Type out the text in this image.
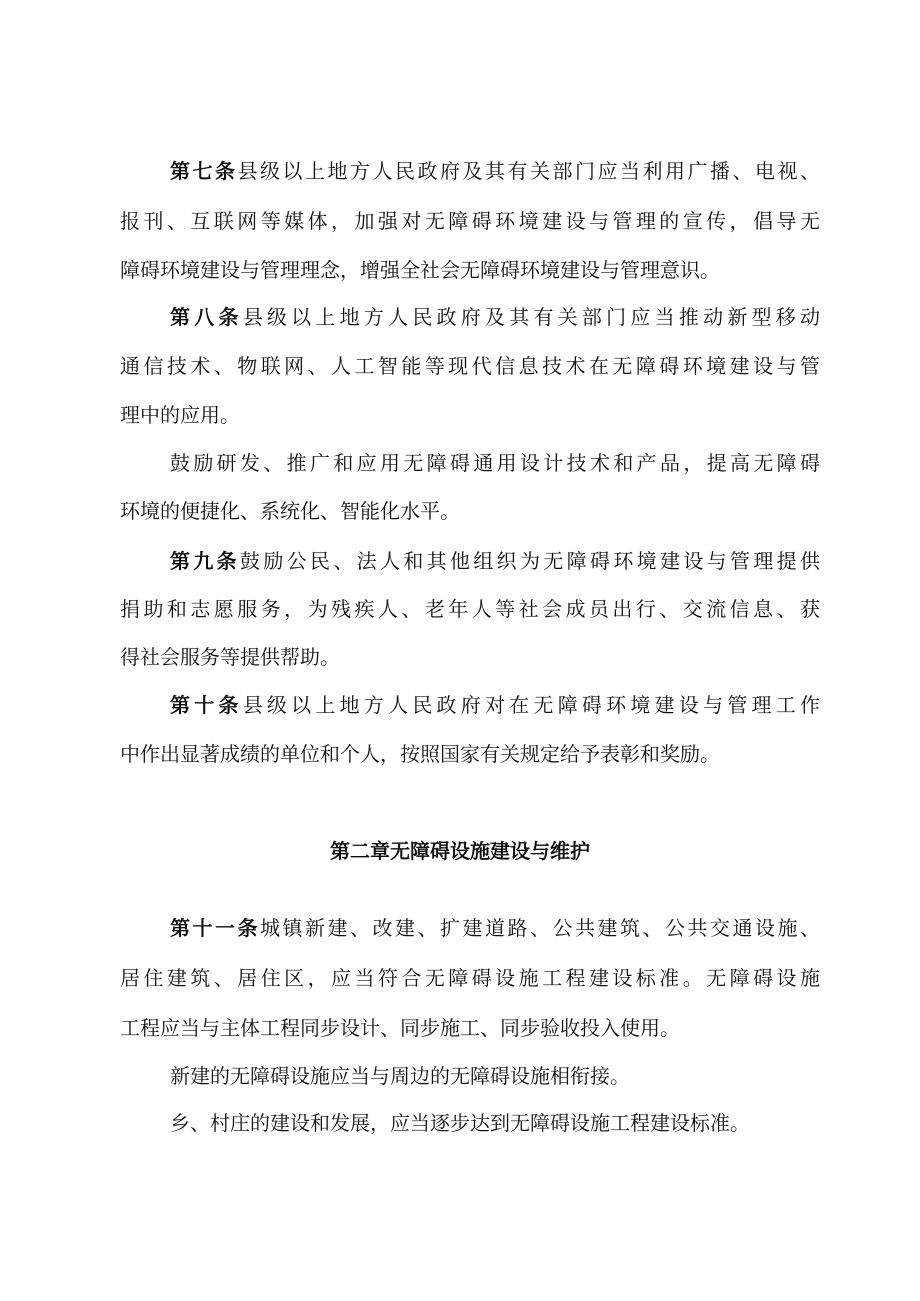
第七条县级以上地方人民政府及其有关部门应当利用广播、电视、
报刊、互联网等媒体，加强对无障碍环境建设与管理的宣传，倡导无
障碍环境建设与管理理念，增强全社会无障碍环境建设与管理意识。
第八条县级以上地方人民政府及其有关部门应当推动新型移动
通信技术、物联网、人工智能等现代信息技术在无障碍环境建设与管
理中的应用。
鼓励研发、推广和应用无障碍通用设计技术和产品，提高无障碍
环境的便捷化、系统化、智能化水平。
第九条鼓励公民、法人和其他组织为无障碍环境建设与管理提供
捐助和志愿服务，为残疾人、老年人等社会成员出行、交流信息、获
得社会服务等提供帮助。
第十条县级以上地方人民政府对在无障碍环境建设与管理工作
中作出显著成绩的单位和个人，按照国家有关规定给予表彰和奖励。
第二章无障碍设施建设与维护
第十一条城镇新建、改建、扩建道路、公共建筑、公共交通设施、
居住建筑、居住区，应当符合无障碍设施工程建设标准。无障碍设施
工程应当与主体工程同步设计、同步施工、同步验收投入使用。
新建的无障碍设施应当与周边的无障碍设施相衔接。
乡、村庄的建设和发展，应当逐步达到无障碍设施工程建设标准。
